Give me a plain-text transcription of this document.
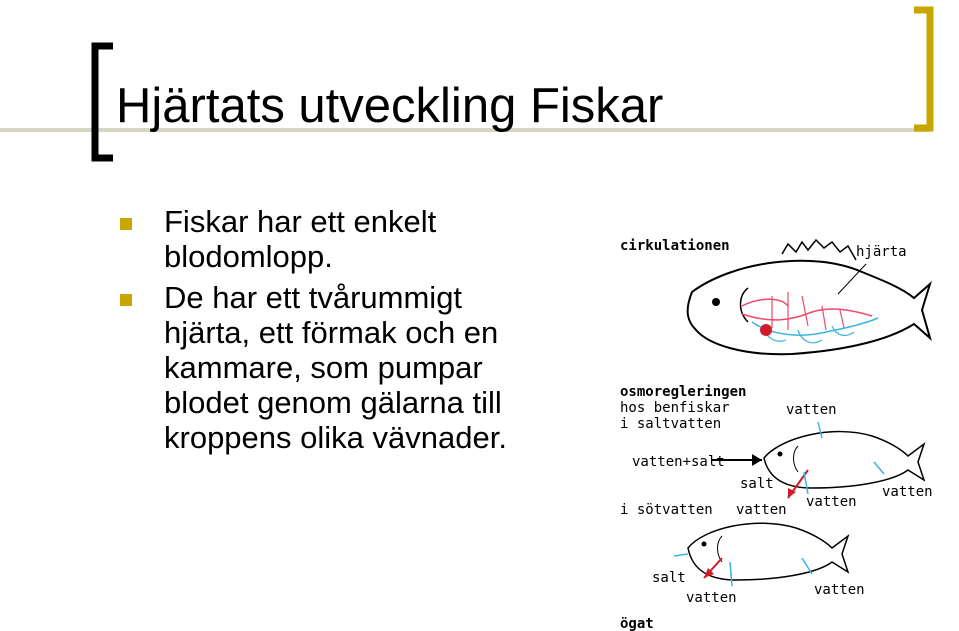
Hjärtats utveckling Fiskar
Fiskar har ett enkelt blodomlopp.
De har ett tvårummigt hjärta, ett förmak och en kammare, som pumpar blodet genom gälarna till kroppens olika vävnader.
cirkulationen	hjärta
osmoregleringen
hos benfiskar
i saltvatten
vatten
vatten+salt
salt
vatten
vatten
i sötvatten vatten
salt
vatten	vatten
ögat
